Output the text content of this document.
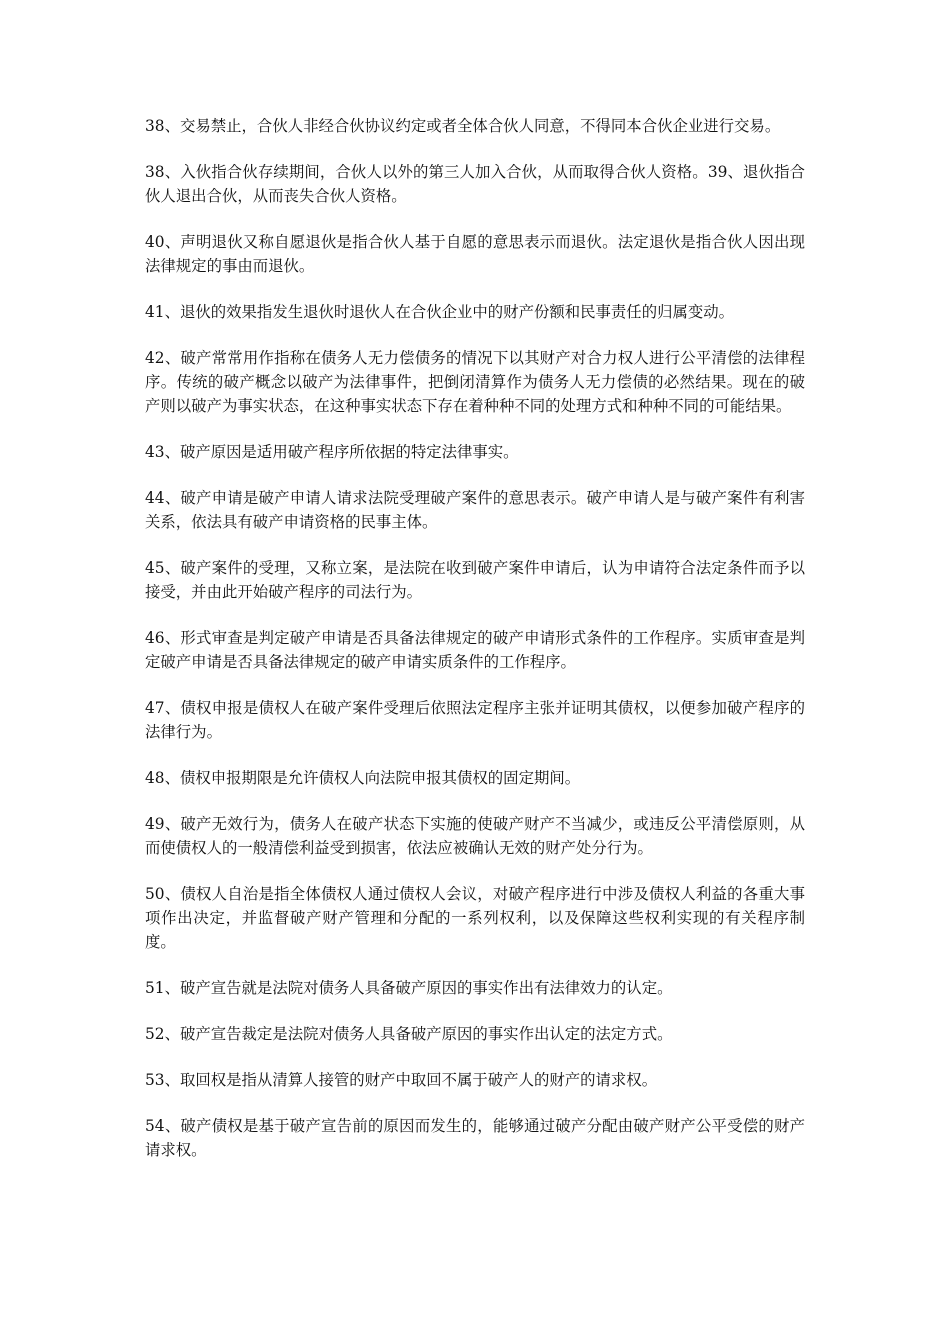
38、交易禁止，合伙人非经合伙协议约定或者全体合伙人同意，不得同本合伙企业进行交易。

38、入伙指合伙存续期间，合伙人以外的第三人加入合伙，从而取得合伙人资格。39、退伙指合伙人退出合伙，从而丧失合伙人资格。

40、声明退伙又称自愿退伙是指合伙人基于自愿的意思表示而退伙。法定退伙是指合伙人因出现法律规定的事由而退伙。

41、退伙的效果指发生退伙时退伙人在合伙企业中的财产份额和民事责任的归属变动。

42、破产常常用作指称在债务人无力偿债务的情况下以其财产对合力权人进行公平清偿的法律程序。传统的破产概念以破产为法律事件，把倒闭清算作为债务人无力偿债的必然结果。现在的破产则以破产为事实状态，在这种事实状态下存在着种种不同的处理方式和种种不同的可能结果。

43、破产原因是适用破产程序所依据的特定法律事实。

44、破产申请是破产申请人请求法院受理破产案件的意思表示。破产申请人是与破产案件有利害关系，依法具有破产申请资格的民事主体。

45、破产案件的受理，又称立案，是法院在收到破产案件申请后，认为申请符合法定条件而予以接受，并由此开始破产程序的司法行为。

46、形式审查是判定破产申请是否具备法律规定的破产申请形式条件的工作程序。实质审查是判定破产申请是否具备法律规定的破产申请实质条件的工作程序。

47、债权申报是债权人在破产案件受理后依照法定程序主张并证明其债权，以便参加破产程序的法律行为。

48、债权申报期限是允许债权人向法院申报其债权的固定期间。

49、破产无效行为，债务人在破产状态下实施的使破产财产不当减少，或违反公平清偿原则，从而使债权人的一般清偿利益受到损害，依法应被确认无效的财产处分行为。

50、债权人自治是指全体债权人通过债权人会议，对破产程序进行中涉及债权人利益的各重大事项作出决定，并监督破产财产管理和分配的一系列权利，以及保障这些权利实现的有关程序制度。

51、破产宣告就是法院对债务人具备破产原因的事实作出有法律效力的认定。

52、破产宣告裁定是法院对债务人具备破产原因的事实作出认定的法定方式。

53、取回权是指从清算人接管的财产中取回不属于破产人的财产的请求权。

54、破产债权是基于破产宣告前的原因而发生的，能够通过破产分配由破产财产公平受偿的财产请求权。
